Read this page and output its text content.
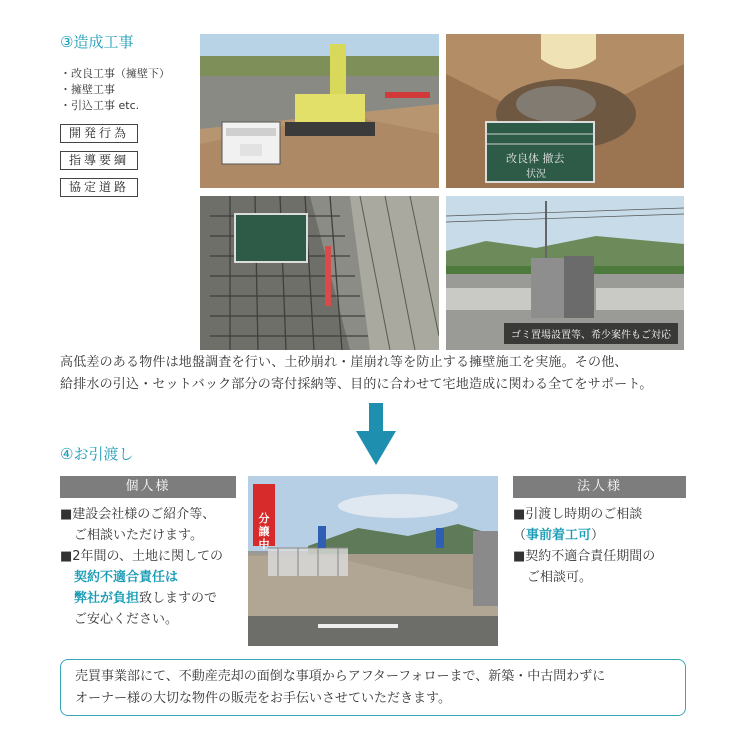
③造成工事
・ 改良工事（擁壁下）
・ 擁壁工事
・ 引込工事 etc.
開発行為
指導要綱
協定道路
改良体 撤去
状況
ゴミ置場設置等、希少案件もご対応
高低差のある物件は地盤調査を行い、土砂崩れ・崖崩れ等を防止する擁壁施工を実施。その他、
給排水の引込・セットバック部分の寄付採納等、目的に合わせて宅地造成に関わる全てをサポート。
④お引渡し
個人様
■建設会社様のご紹介等、
ご相談いただけます。
■2年間の、土地に関しての
契約不適合責任は
弊社が負担致しますので
ご安心ください。
分譲中
法人様
■引渡し時期のご相談
（事前着工可）
■契約不適合責任期間の
ご相談可。
売買事業部にて、不動産売却の面倒な事項からアフターフォローまで、新築・中古問わずに
オーナー様の大切な物件の販売をお手伝いさせていただきます。
